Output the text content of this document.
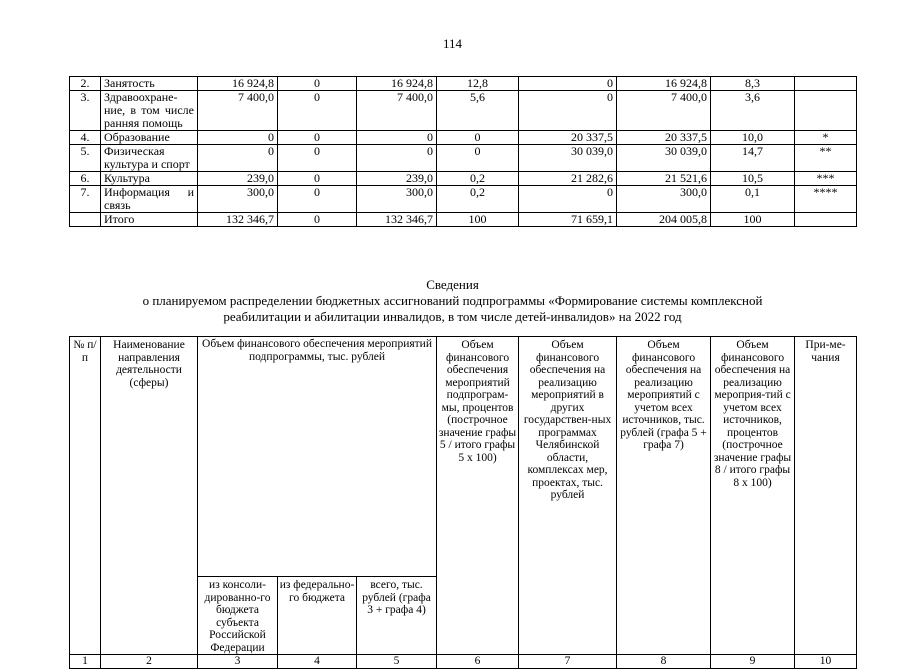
114
2.	Занятость	16 924,8	0	16 924,8	12,8	0	16 924,8	8,3	
3.	Здравоохране-ние, в том числе ранняя помощь	7 400,0	0	7 400,0	5,6	0	7 400,0	3,6	
4.	Образование	0	0	0	0	20 337,5	20 337,5	10,0	*
5.	Физическая культура и спорт	0	0	0	0	30 039,0	30 039,0	14,7	**
6.	Культура	239,0	0	239,0	0,2	21 282,6	21 521,6	10,5	***
7.	Информация и связь	300,0	0	300,0	0,2	0	300,0	0,1	****
	Итого	132 346,7	0	132 346,7	100	71 659,1	204 005,8	100	
Сведения
о планируемом распределении бюджетных ассигнований подпрограммы «Формирование системы комплексной
реабилитации и абилитации инвалидов, в том числе детей-инвалидов» на 2022 год
№ п/п	Наименование направления деятельности (сферы)	Объем финансового обеспечения мероприятий подпрограммы, тыс. рублей			Объем финансового обеспечения мероприятий подпрограм-мы, процентов (построчное значение графы 5 / итого графы 5 х 100)	Объем финансового обеспечения на реализацию мероприятий в других государствен-ных программах Челябинской области, комплексах мер, проектах, тыс. рублей	Объем финансового обеспечения на реализацию мероприятий с учетом всех источников, тыс. рублей (графа 5 + графа 7)	Объем финансового обеспечения на реализацию мероприя-тий с учетом всех источников, процентов (построчное значение графы 8 / итого графы 8 х 100)	При-ме-чания
		из консоли-дированно-го бюджета субъекта Российской Федерации	из федерально-го бюджета	всего, тыс. рублей (графа 3 + графа 4)					
1	2	3	4	5	6	7	8	9	10
